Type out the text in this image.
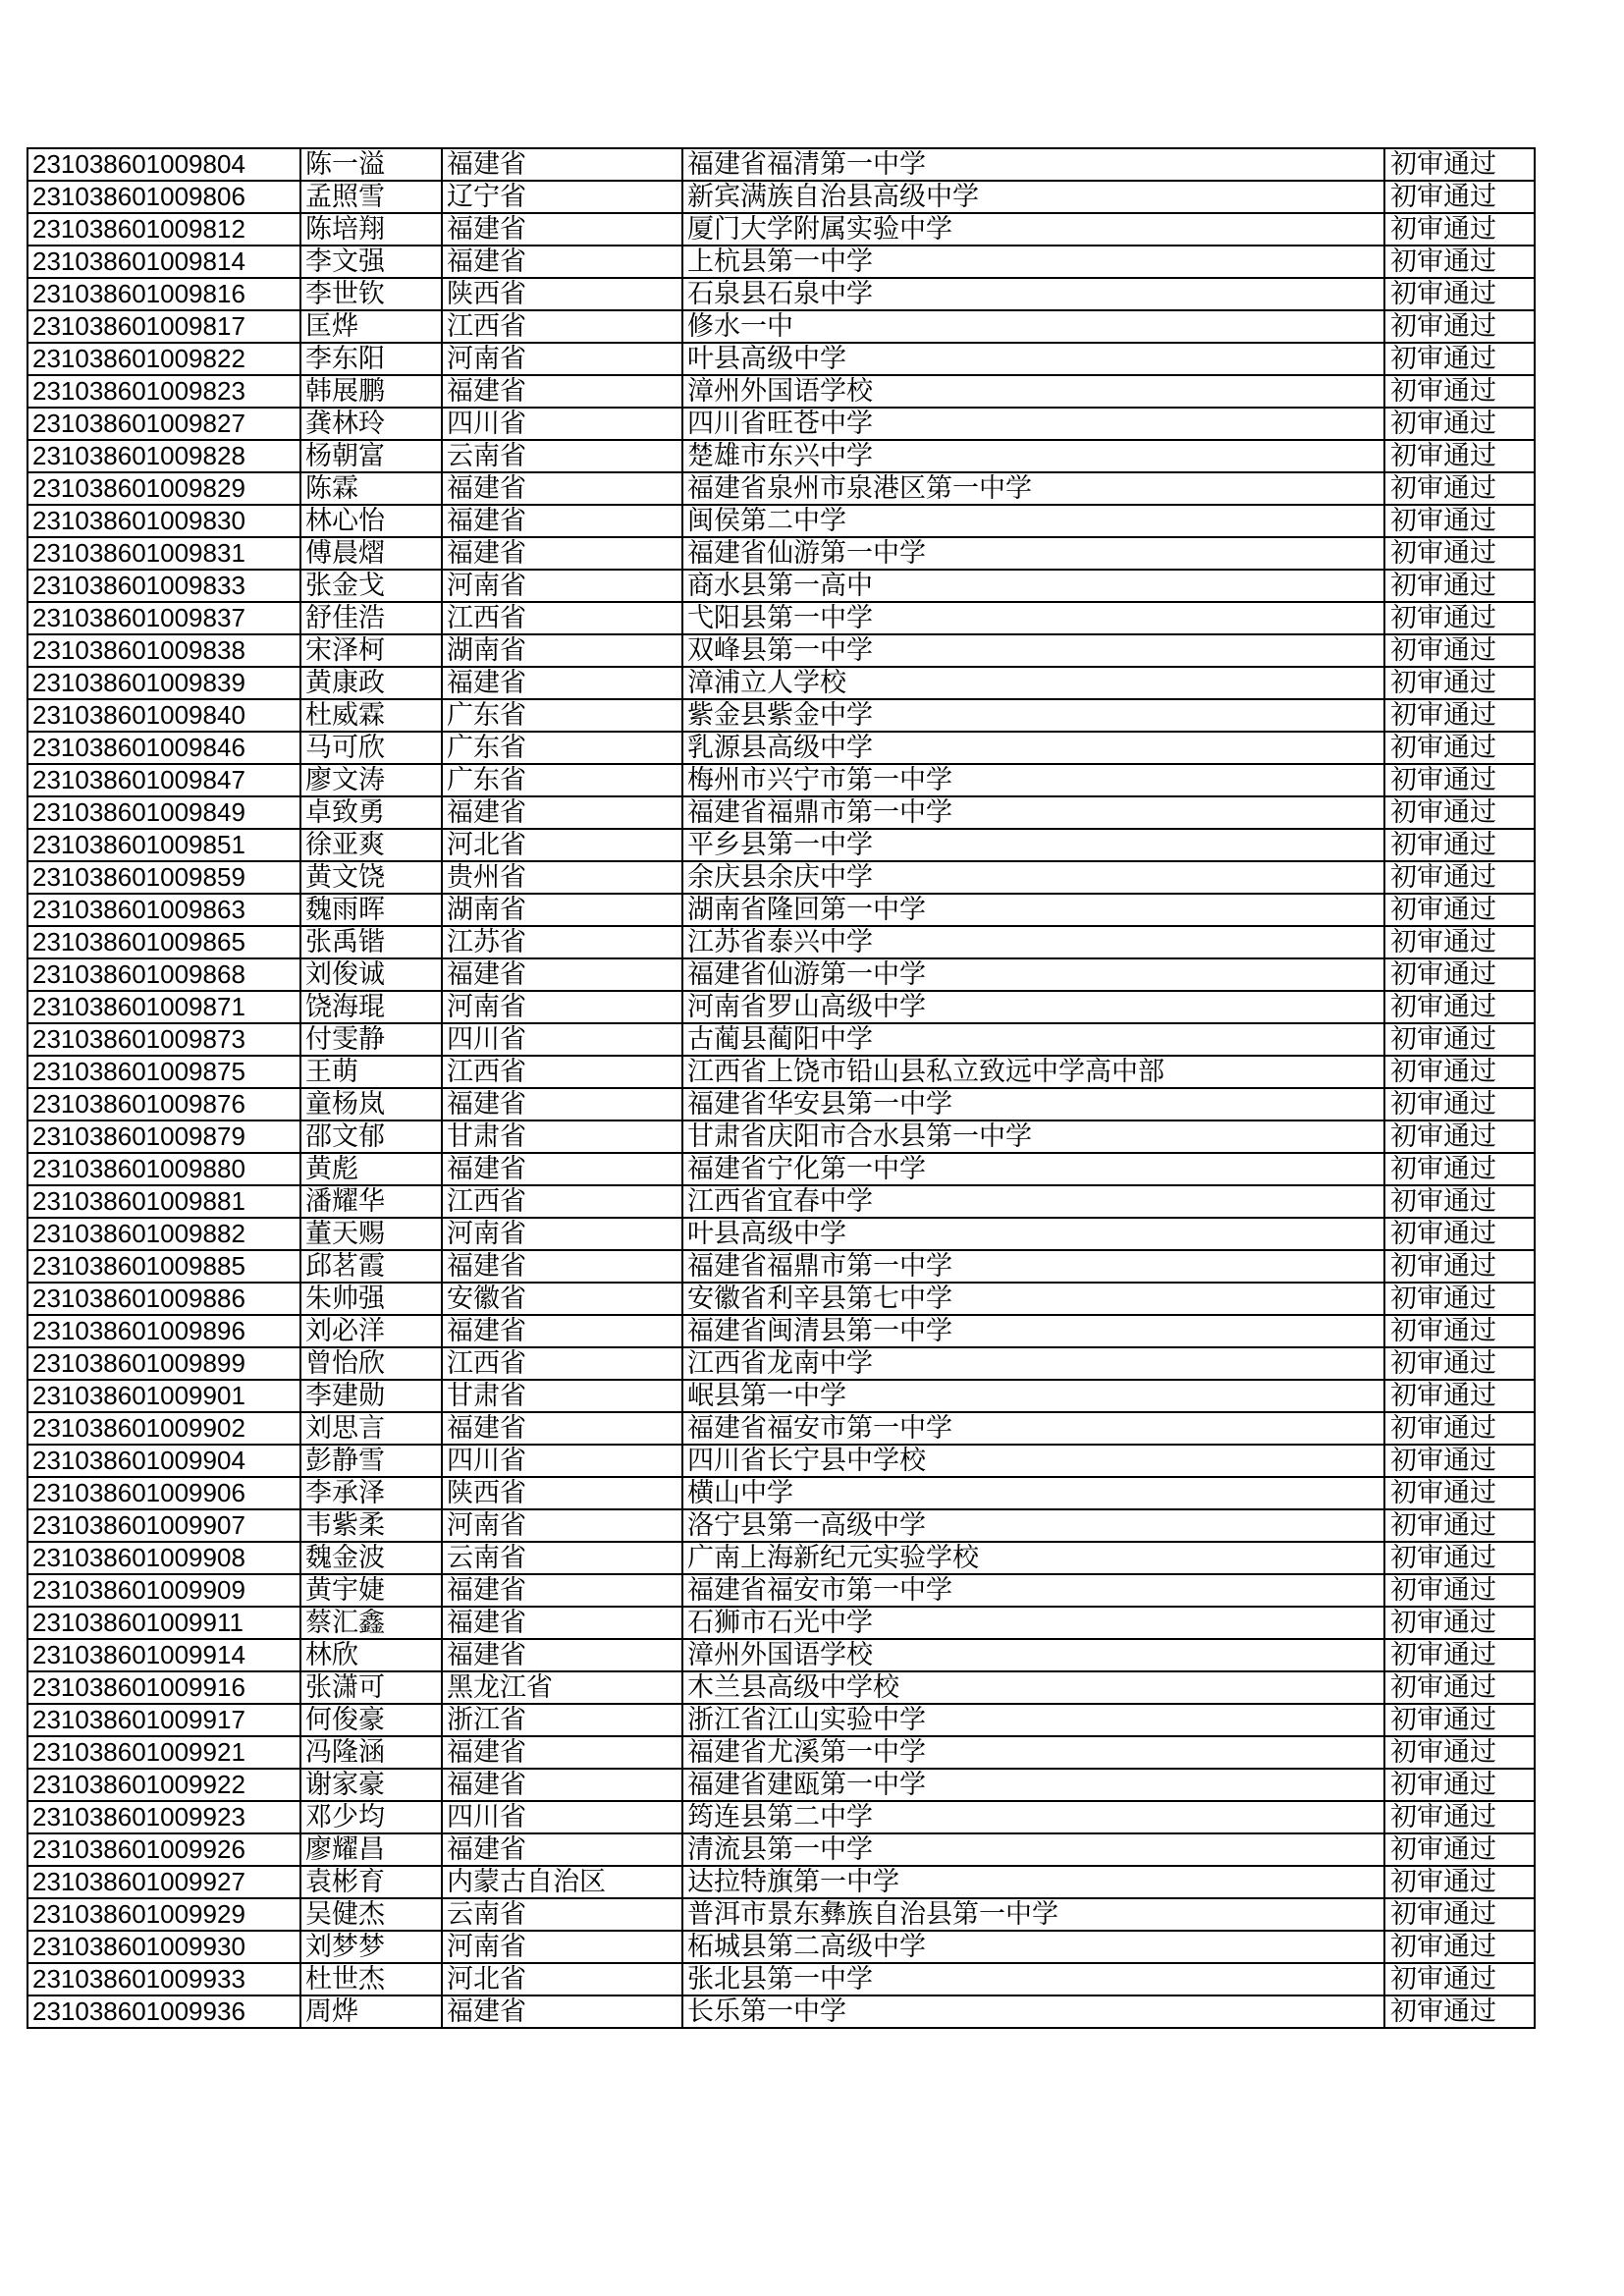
231038601009804	陈一溢	福建省	福建省福清第一中学	初审通过
231038601009806	孟照雪	辽宁省	新宾满族自治县高级中学	初审通过
231038601009812	陈培翔	福建省	厦门大学附属实验中学	初审通过
231038601009814	李文强	福建省	上杭县第一中学	初审通过
231038601009816	李世钦	陕西省	石泉县石泉中学	初审通过
231038601009817	匡烨	江西省	修水一中	初审通过
231038601009822	李东阳	河南省	叶县高级中学	初审通过
231038601009823	韩展鹏	福建省	漳州外国语学校	初审通过
231038601009827	龚林玲	四川省	四川省旺苍中学	初审通过
231038601009828	杨朝富	云南省	楚雄市东兴中学	初审通过
231038601009829	陈霖	福建省	福建省泉州市泉港区第一中学	初审通过
231038601009830	林心怡	福建省	闽侯第二中学	初审通过
231038601009831	傅晨熠	福建省	福建省仙游第一中学	初审通过
231038601009833	张金戈	河南省	商水县第一高中	初审通过
231038601009837	舒佳浩	江西省	弋阳县第一中学	初审通过
231038601009838	宋泽柯	湖南省	双峰县第一中学	初审通过
231038601009839	黄康政	福建省	漳浦立人学校	初审通过
231038601009840	杜威霖	广东省	紫金县紫金中学	初审通过
231038601009846	马可欣	广东省	乳源县高级中学	初审通过
231038601009847	廖文涛	广东省	梅州市兴宁市第一中学	初审通过
231038601009849	卓致勇	福建省	福建省福鼎市第一中学	初审通过
231038601009851	徐亚爽	河北省	平乡县第一中学	初审通过
231038601009859	黄文饶	贵州省	余庆县余庆中学	初审通过
231038601009863	魏雨晖	湖南省	湖南省隆回第一中学	初审通过
231038601009865	张禹锴	江苏省	江苏省泰兴中学	初审通过
231038601009868	刘俊诚	福建省	福建省仙游第一中学	初审通过
231038601009871	饶海琨	河南省	河南省罗山高级中学	初审通过
231038601009873	付雯静	四川省	古蔺县蔺阳中学	初审通过
231038601009875	王萌	江西省	江西省上饶市铅山县私立致远中学高中部	初审通过
231038601009876	童杨岚	福建省	福建省华安县第一中学	初审通过
231038601009879	邵文郁	甘肃省	甘肃省庆阳市合水县第一中学	初审通过
231038601009880	黄彪	福建省	福建省宁化第一中学	初审通过
231038601009881	潘耀华	江西省	江西省宜春中学	初审通过
231038601009882	董天赐	河南省	叶县高级中学	初审通过
231038601009885	邱茗霞	福建省	福建省福鼎市第一中学	初审通过
231038601009886	朱帅强	安徽省	安徽省利辛县第七中学	初审通过
231038601009896	刘必洋	福建省	福建省闽清县第一中学	初审通过
231038601009899	曾怡欣	江西省	江西省龙南中学	初审通过
231038601009901	李建勋	甘肃省	岷县第一中学	初审通过
231038601009902	刘思言	福建省	福建省福安市第一中学	初审通过
231038601009904	彭静雪	四川省	四川省长宁县中学校	初审通过
231038601009906	李承泽	陕西省	横山中学	初审通过
231038601009907	韦紫柔	河南省	洛宁县第一高级中学	初审通过
231038601009908	魏金波	云南省	广南上海新纪元实验学校	初审通过
231038601009909	黄宇婕	福建省	福建省福安市第一中学	初审通过
231038601009911	蔡汇鑫	福建省	石狮市石光中学	初审通过
231038601009914	林欣	福建省	漳州外国语学校	初审通过
231038601009916	张潇可	黑龙江省	木兰县高级中学校	初审通过
231038601009917	何俊豪	浙江省	浙江省江山实验中学	初审通过
231038601009921	冯隆涵	福建省	福建省尤溪第一中学	初审通过
231038601009922	谢家豪	福建省	福建省建瓯第一中学	初审通过
231038601009923	邓少均	四川省	筠连县第二中学	初审通过
231038601009926	廖耀昌	福建省	清流县第一中学	初审通过
231038601009927	袁彬育	内蒙古自治区	达拉特旗第一中学	初审通过
231038601009929	吴健杰	云南省	普洱市景东彝族自治县第一中学	初审通过
231038601009930	刘梦梦	河南省	柘城县第二高级中学	初审通过
231038601009933	杜世杰	河北省	张北县第一中学	初审通过
231038601009936	周烨	福建省	长乐第一中学	初审通过
